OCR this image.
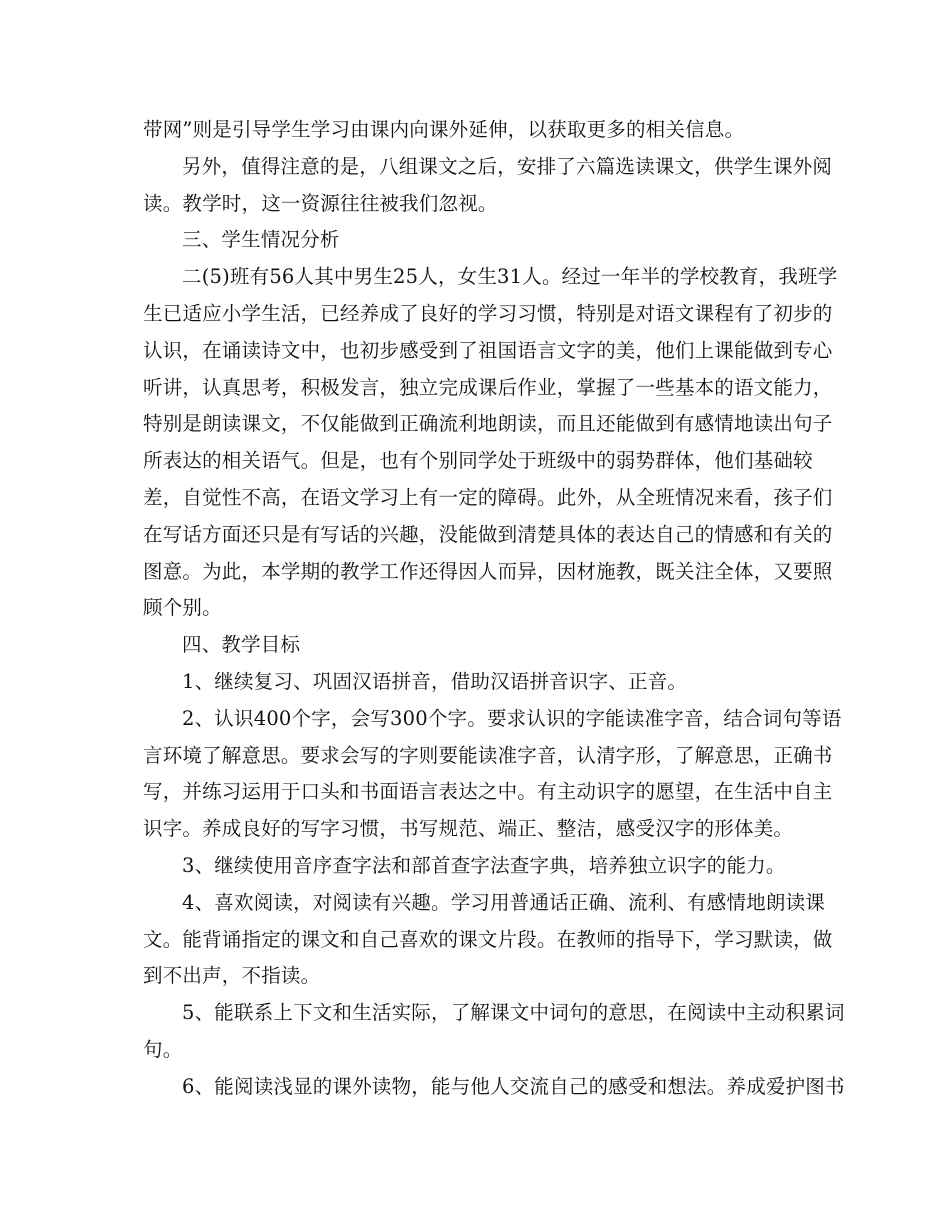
带网”则是引导学生学习由课内向课外延伸，以获取更多的相关信息。
另外，值得注意的是，八组课文之后，安排了六篇选读课文，供学生课外阅
读。教学时，这一资源往往被我们忽视。
三、学生情况分析
二(5)班有56人其中男生25人，女生31人。经过一年半的学校教育，我班学
生已适应小学生活，已经养成了良好的学习习惯，特别是对语文课程有了初步的
认识，在诵读诗文中，也初步感受到了祖国语言文字的美，他们上课能做到专心
听讲，认真思考，积极发言，独立完成课后作业，掌握了一些基本的语文能力，
特别是朗读课文，不仅能做到正确流利地朗读，而且还能做到有感情地读出句子
所表达的相关语气。但是，也有个别同学处于班级中的弱势群体，他们基础较
差，自觉性不高，在语文学习上有一定的障碍。此外，从全班情况来看，孩子们
在写话方面还只是有写话的兴趣，没能做到清楚具体的表达自己的情感和有关的
图意。为此，本学期的教学工作还得因人而异，因材施教，既关注全体，又要照
顾个别。
四、教学目标
1、继续复习、巩固汉语拼音，借助汉语拼音识字、正音。
2、认识400个字，会写300个字。要求认识的字能读准字音，结合词句等语
言环境了解意思。要求会写的字则要能读准字音，认清字形，了解意思，正确书
写，并练习运用于口头和书面语言表达之中。有主动识字的愿望，在生活中自主
识字。养成良好的写字习惯，书写规范、端正、整洁，感受汉字的形体美。
3、继续使用音序查字法和部首查字法查字典，培养独立识字的能力。
4、喜欢阅读，对阅读有兴趣。学习用普通话正确、流利、有感情地朗读课
文。能背诵指定的课文和自己喜欢的课文片段。在教师的指导下，学习默读，做
到不出声，不指读。
5、能联系上下文和生活实际，了解课文中词句的意思，在阅读中主动积累词
句。
6、能阅读浅显的课外读物，能与他人交流自己的感受和想法。养成爱护图书
